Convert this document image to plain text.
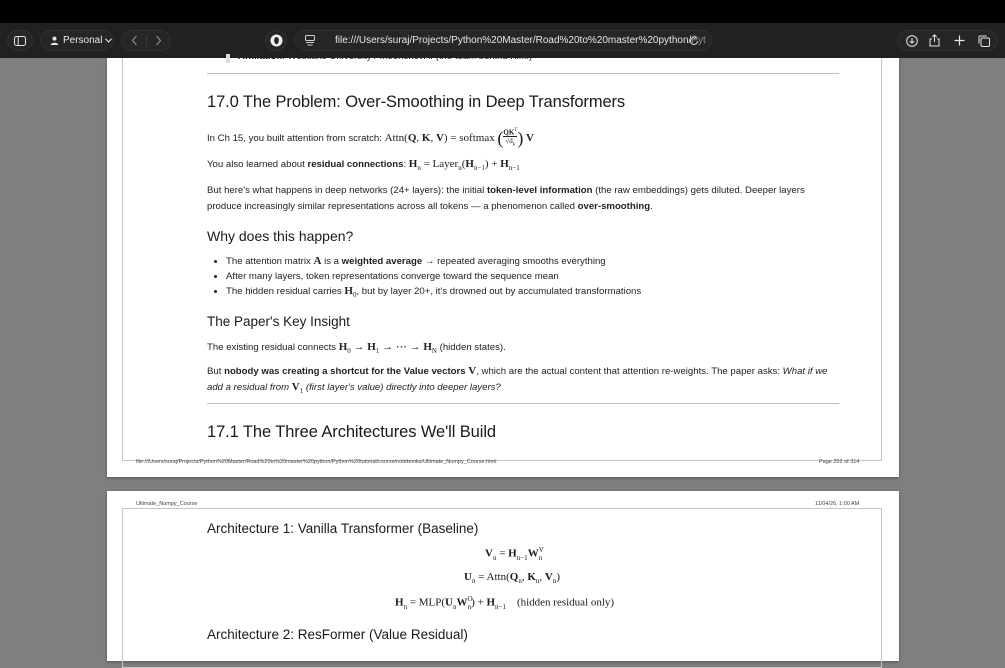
Personal	file:///Users/suraj/Projects/Python%20Master/Road%20to%20master%20python/Pyt
Affiliation: Westlake University / Moonshot AI (the team behind Kimi)
17.0 The Problem: Over-Smoothing in Deep Transformers
In Ch 15, you built attention from scratch: Attn(Q, K, V) = softmax ($QK^T$

$√d_k$ ) V
You also learned about residual connections: $H_n$ = $Layer_n(H_{n-1}) + H_{n-1}$
But here's what happens in deep networks (24+ layers): the initial token-level information (the raw embeddings) gets diluted. Deeper layers produce increasingly similar representations across all tokens — a phenomenon called over-smoothing.
Why does this happen?
• The attention matrix A is a weighted average → repeated averaging smooths everything
• After many layers, token representations converge toward the sequence mean
• The hidden residual carries $H_0$, but by layer 20+, it's drowned out by accumulated transformations
The Paper's Key Insight
The existing residual connects $H_0 \to H_1$ → ⋯ → $H_N$ (hidden states).
But nobody was creating a shortcut for the Value vectors V, which are the actual content that attention re-weights. The paper asks: What if we add a residual from $V_1$ (first layer's value) directly into deeper layers?
17.1 The Three Architectures We'll Build
file:///Users/suraj/Projects/Python%20Master/Road%20to%20master%20python/Python%20tutorial/course/notebooks/Ultimate_Numpy_Course.html	Page 252 of 314
Ultimate_Numpy_Course	11/04/26, 1:00 AM
Architecture 1: Vanilla Transformer (Baseline)
$V_n = H_{n-1}W^V_n$
$U_n$ = $Attn(Q_n$, $K_n$, $V_n$)
$H_n = MLP(U_nW^O_n) + H_{n-1}$ (hidden residual only)
Architecture 2: ResFormer (Value Residual)
